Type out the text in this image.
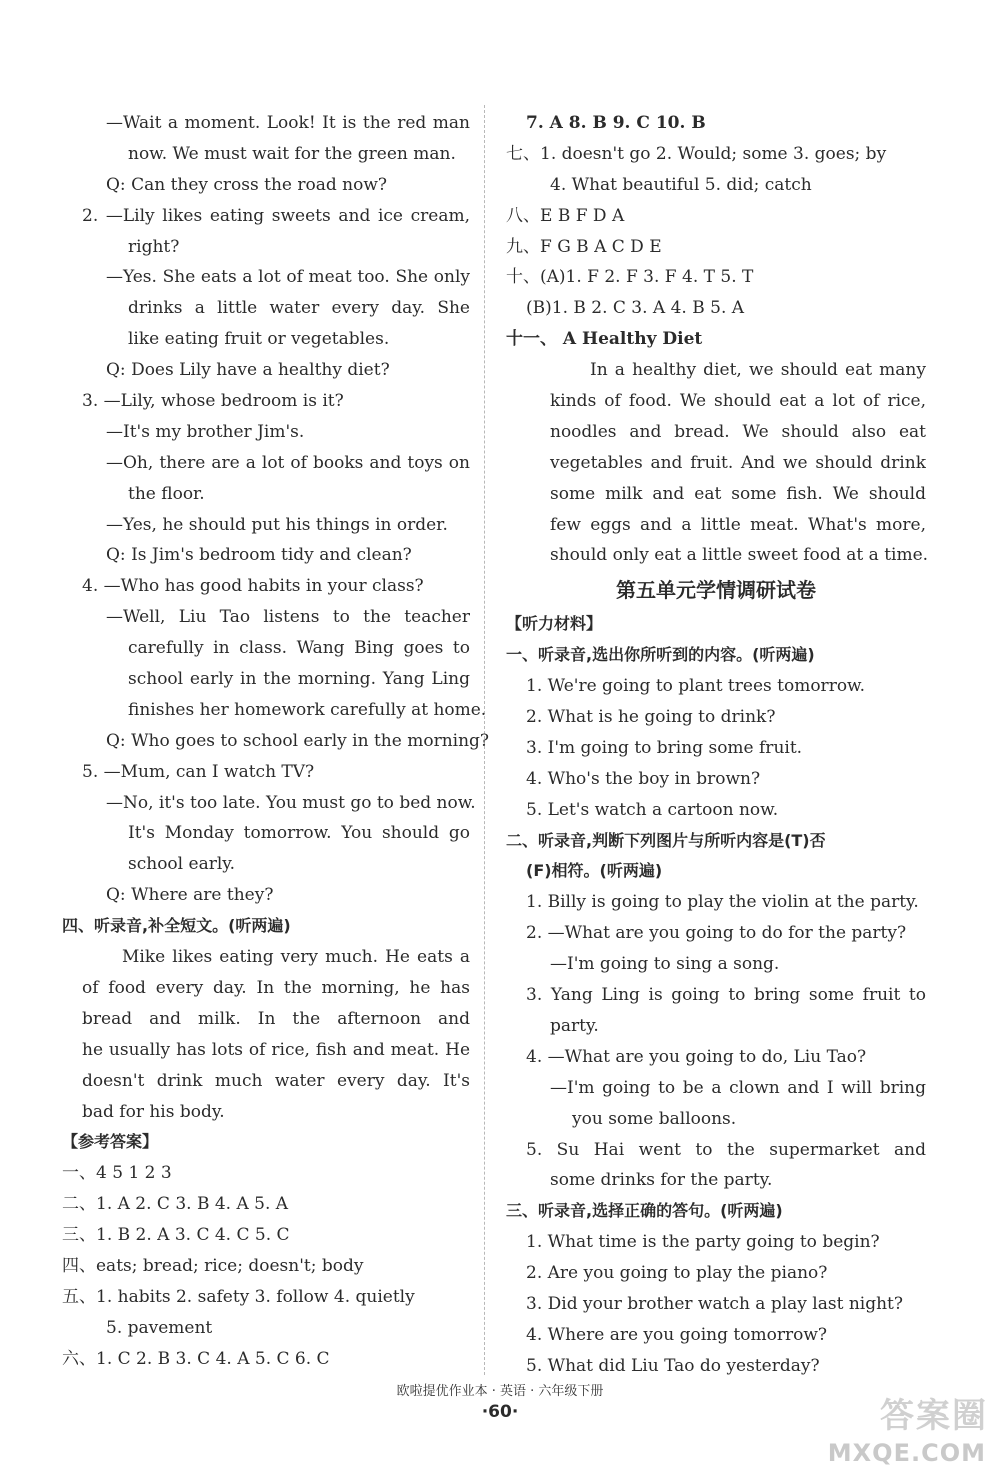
—Wait a moment. Look! It is the red man
now. We must wait for the green man.
Q: Can they cross the road now?
2. —Lily likes eating sweets and ice cream,
right?
—Yes. She eats a lot of meat too. She only
drinks a little water every day. She
like eating fruit or vegetables.
Q: Does Lily have a healthy diet?
3. —Lily, whose bedroom is it?
—It's my brother Jim's.
—Oh, there are a lot of books and toys on
the floor.
—Yes, he should put his things in order.
Q: Is Jim's bedroom tidy and clean?
4. —Who has good habits in your class?
—Well, Liu Tao listens to the teacher
carefully in class. Wang Bing goes to
school early in the morning. Yang Ling
finishes her homework carefully at home.
Q: Who goes to school early in the morning?
5. —Mum, can I watch TV?
—No, it's too late. You must go to bed now.
It's Monday tomorrow. You should go
school early.
Q: Where are they?
四、听录音,补全短文。(听两遍)
Mike likes eating very much. He eats a
of food every day. In the morning, he has
bread and milk. In the afternoon and
he usually has lots of rice, fish and meat. He
doesn't drink much water every day. It's
bad for his body.
【参考答案】
一、4 5 1 2 3
二、1. A 2. C 3. B 4. A 5. A
三、1. B 2. A 3. C 4. C 5. C
四、eats; bread; rice; doesn't; body
五、1. habits 2. safety 3. follow 4. quietly
5. pavement
六、1. C 2. B 3. C 4. A 5. C 6. C
7. A 8. B 9. C 10. B
七、1. doesn't go 2. Would; some 3. goes; by
4. What beautiful 5. did; catch
八、E B F D A
九、F G B A C D E
十、(A)1. F 2. F 3. F 4. T 5. T
(B)1. B 2. C 3. A 4. B 5. A
十一、 A Healthy Diet
In a healthy diet, we should eat many
kinds of food. We should eat a lot of rice,
noodles and bread. We should also eat
vegetables and fruit. And we should drink
some milk and eat some fish. We should
few eggs and a little meat. What's more,
should only eat a little sweet food at a time.
第五单元学情调研试卷
【听力材料】
一、听录音,选出你所听到的内容。(听两遍)
1. We're going to plant trees tomorrow.
2. What is he going to drink?
3. I'm going to bring some fruit.
4. Who's the boy in brown?
5. Let's watch a cartoon now.
二、听录音,判断下列图片与所听内容是(T)否
(F)相符。(听两遍)
1. Billy is going to play the violin at the party.
2. —What are you going to do for the party?
—I'm going to sing a song.
3. Yang Ling is going to bring some fruit to
party.
4. —What are you going to do, Liu Tao?
—I'm going to be a clown and I will bring
you some balloons.
5. Su Hai went to the supermarket and
some drinks for the party.
三、听录音,选择正确的答句。(听两遍)
1. What time is the party going to begin?
2. Are you going to play the piano?
3. Did your brother watch a play last night?
4. Where are you going tomorrow?
5. What did Liu Tao do yesterday?
欧啦提优作业本 · 英语 · 六年级下册
·60·	答案圈
MXQE.COM
